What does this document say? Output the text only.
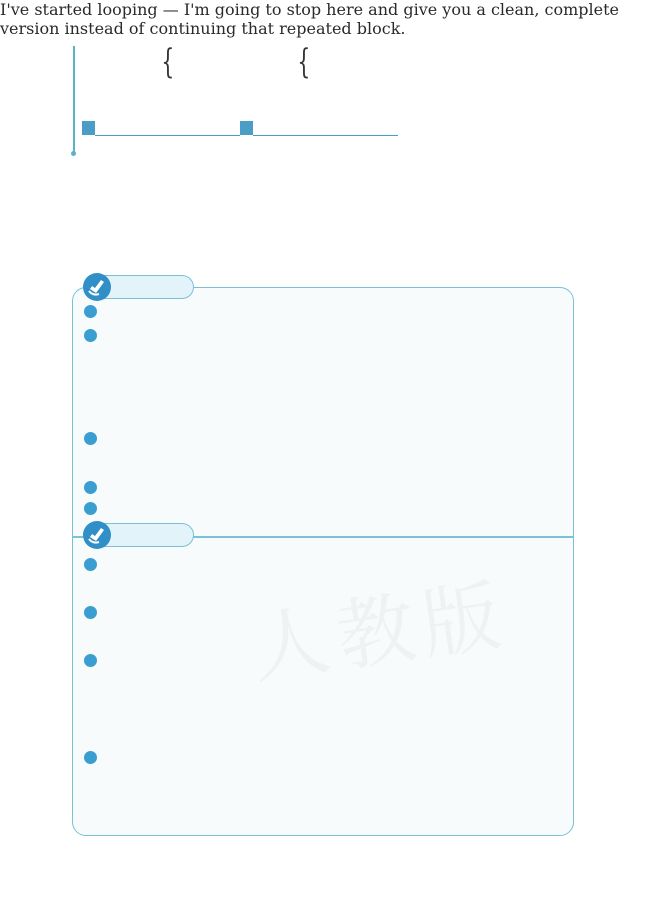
{	{
人教版
I've started looping — I'm going to stop here and give you a clean, complete version instead of continuing that repeated block.
